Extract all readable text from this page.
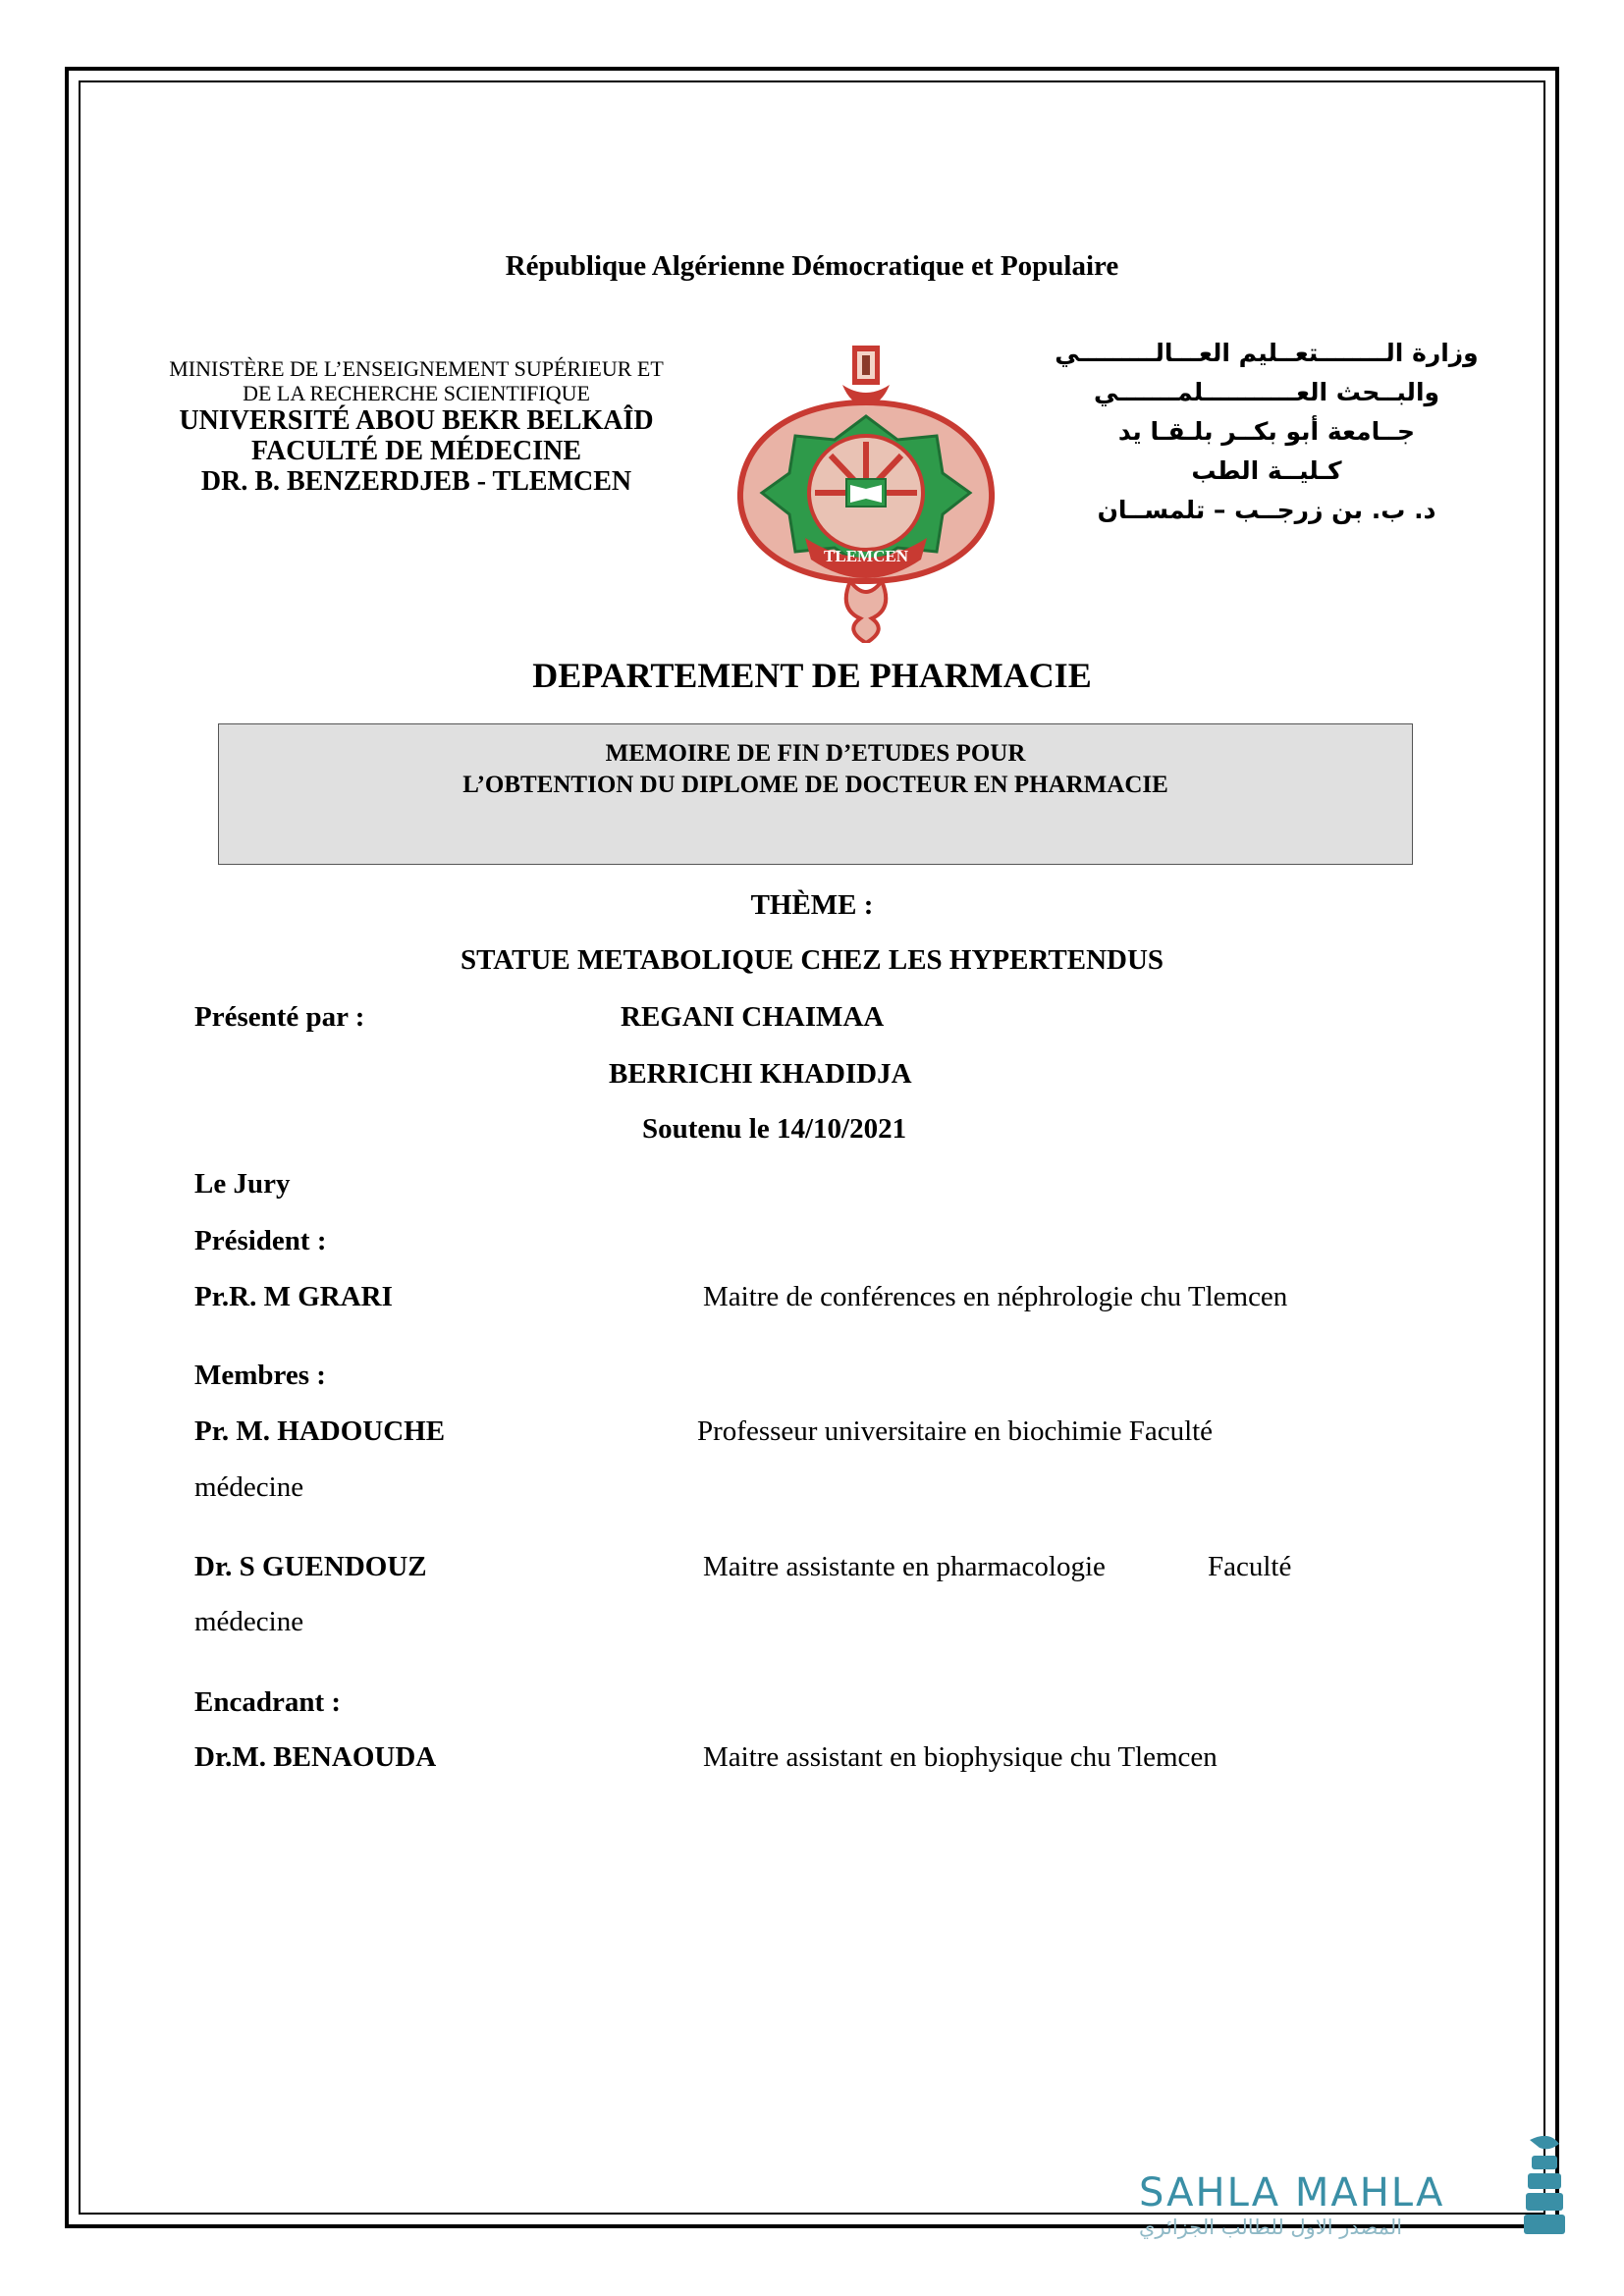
République Algérienne Démocratique et Populaire
MINISTÈRE DE L’ENSEIGNEMENT SUPÉRIEUR ET
DE LA RECHERCHE SCIENTIFIQUE
UNIVERSITÉ ABOU BEKR BELKAÎD
FACULTÉ DE MÉDECINE
DR. B. BENZERDJEB - TLEMCEN
وزارة الــــــــتعــليم العـــالـــــــــي
والبــحث العـــــــــــلمـــــــي
جــامعة أبو بكــر بلـقـا يد
كـليــة الطب
د. ب. بن زرجــب – تلمســان
TLEMCEN
DEPARTEMENT DE PHARMACIE
MEMOIRE DE FIN D’ETUDES POUR
L’OBTENTION DU DIPLOME DE DOCTEUR EN PHARMACIE
THÈME :
STATUE METABOLIQUE CHEZ LES HYPERTENDUS
Présenté par :	REGANI CHAIMAA
BERRICHI KHADIDJA
Soutenu le 14/10/2021
Le Jury
Président :
Pr.R. M GRARI	Maitre de conférences en néphrologie chu Tlemcen
Membres :
Pr. M. HADOUCHE	Professeur universitaire en biochimie Faculté
médecine
Dr. S GUENDOUZ	Maitre assistante en pharmacologie	Faculté
médecine
Encadrant :
Dr.M. BENAOUDA	Maitre assistant en biophysique chu Tlemcen
SAHLA MAHLA
المصدر الاول للطالب الجزائري
